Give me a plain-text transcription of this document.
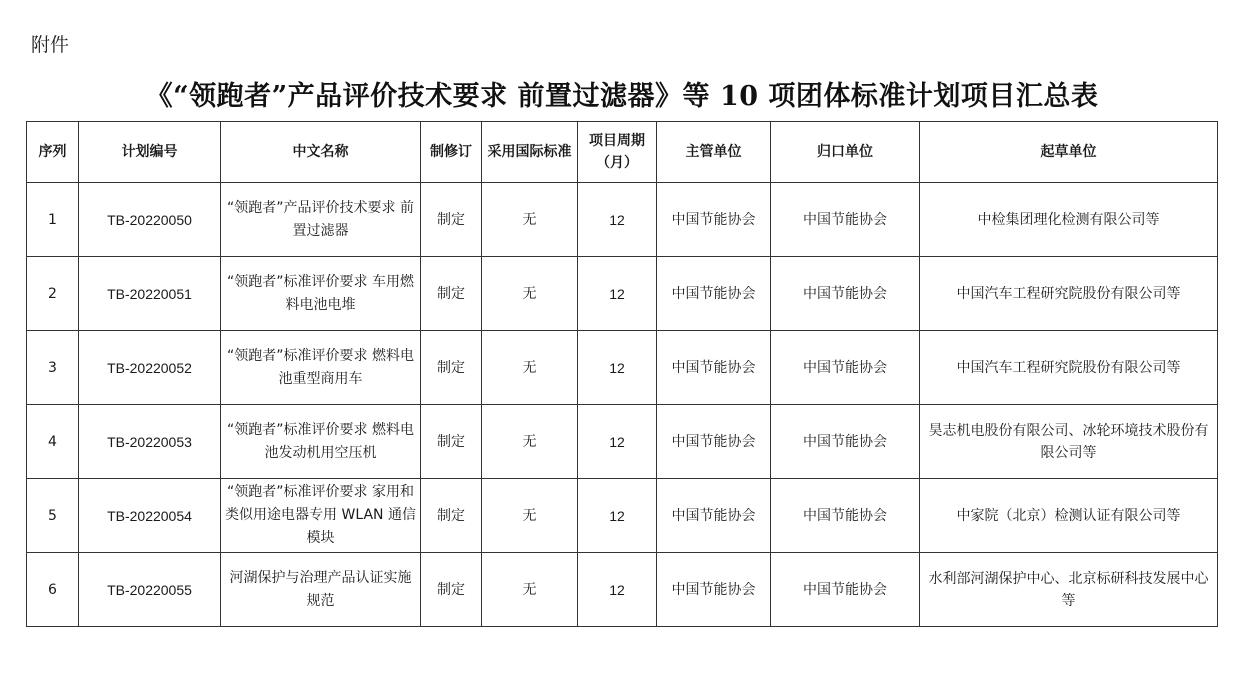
附件
《“领跑者”产品评价技术要求 前置过滤器》等 10 项团体标准计划项目汇总表
序列	计划编号	中文名称	制修订	采用国际标准	项目周期（月）	主管单位	归口单位	起草单位
1	TB-20220050	“领跑者”产品评价技术要求 前置过滤器	制定	无	12	中国节能协会	中国节能协会	中检集团理化检测有限公司等
2	TB-20220051	“领跑者”标准评价要求 车用燃料电池电堆	制定	无	12	中国节能协会	中国节能协会	中国汽车工程研究院股份有限公司等
3	TB-20220052	“领跑者”标准评价要求 燃料电池重型商用车	制定	无	12	中国节能协会	中国节能协会	中国汽车工程研究院股份有限公司等
4	TB-20220053	“领跑者”标准评价要求 燃料电池发动机用空压机	制定	无	12	中国节能协会	中国节能协会	昊志机电股份有限公司、冰轮环境技术股份有限公司等
5	TB-20220054	“领跑者”标准评价要求 家用和类似用途电器专用 WLAN 通信模块	制定	无	12	中国节能协会	中国节能协会	中家院（北京）检测认证有限公司等
6	TB-20220055	河湖保护与治理产品认证实施规范	制定	无	12	中国节能协会	中国节能协会	水利部河湖保护中心、北京标研科技发展中心等
